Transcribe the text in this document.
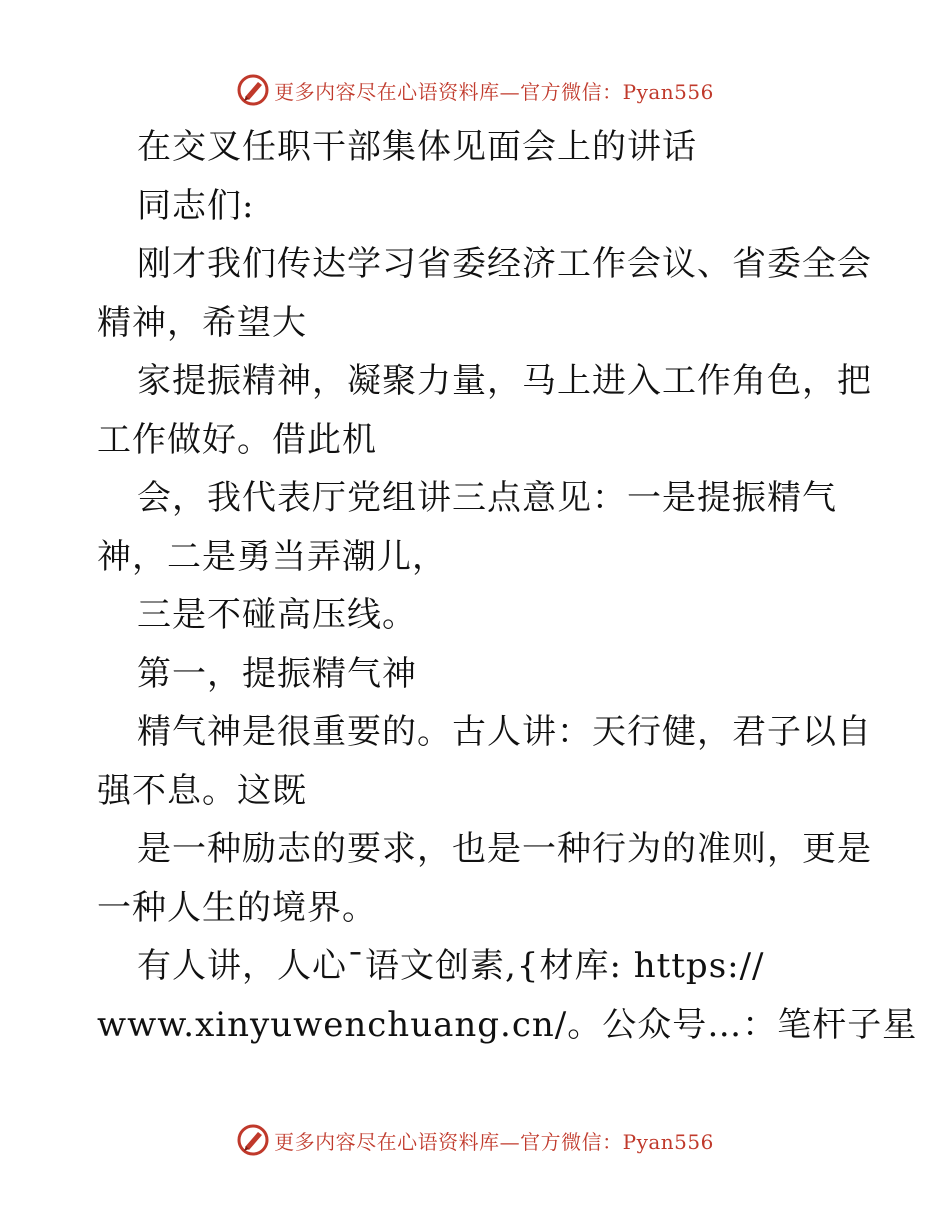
更多内容尽在心语资料库—官方微信：Pyan556
在交叉任职干部集体见面会上的讲话
同志们:
刚才我们传达学习省委经济工作会议、省委全会
精神，希望大
家提振精神，凝聚力量，马上进入工作角色，把
工作做好。借此机
会，我代表厅党组讲三点意见：一是提振精气
神，二是勇当弄潮儿，
三是不碰高压线。
第一，提振精气神
精气神是很重要的。古人讲：天行健，君子以自
强不息。这既
是一种励志的要求，也是一种行为的准则，更是
一种人生的境界。
有人讲，人心¯语文创素,{材库: https://
www.xinyuwenchuang.cn/。公众号…：笔杆子星
更多内容尽在心语资料库—官方微信：Pyan556
